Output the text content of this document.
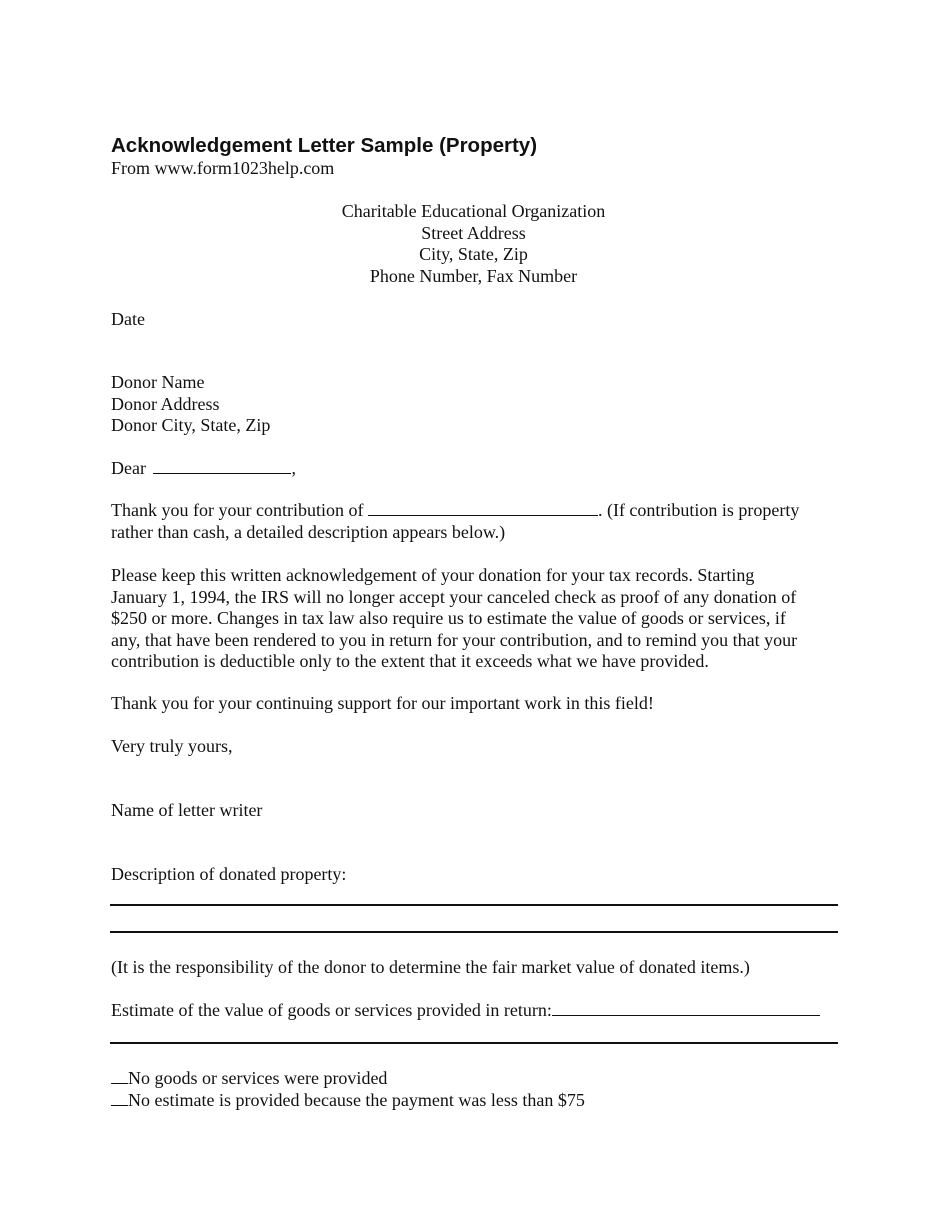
Acknowledgement Letter Sample (Property)
From www.form1023help.com
Charitable Educational Organization
Street Address
City, State, Zip
Phone Number, Fax Number
Date
Donor Name
Donor Address
Donor City, State, Zip
Dear	,
Thank you for your contribution of	. (If contribution is property
rather than cash, a detailed description appears below.)
Please keep this written acknowledgement of your donation for your tax records. Starting
January 1, 1994, the IRS will no longer accept your canceled check as proof of any donation of
$250 or more. Changes in tax law also require us to estimate the value of goods or services, if
any, that have been rendered to you in return for your contribution, and to remind you that your
contribution is deductible only to the extent that it exceeds what we have provided.
Thank you for your continuing support for our important work in this field!
Very truly yours,
Name of letter writer
Description of donated property:
(It is the responsibility of the donor to determine the fair market value of donated items.)
Estimate of the value of goods or services provided in return:
No goods or services were provided
No estimate is provided because the payment was less than $75
